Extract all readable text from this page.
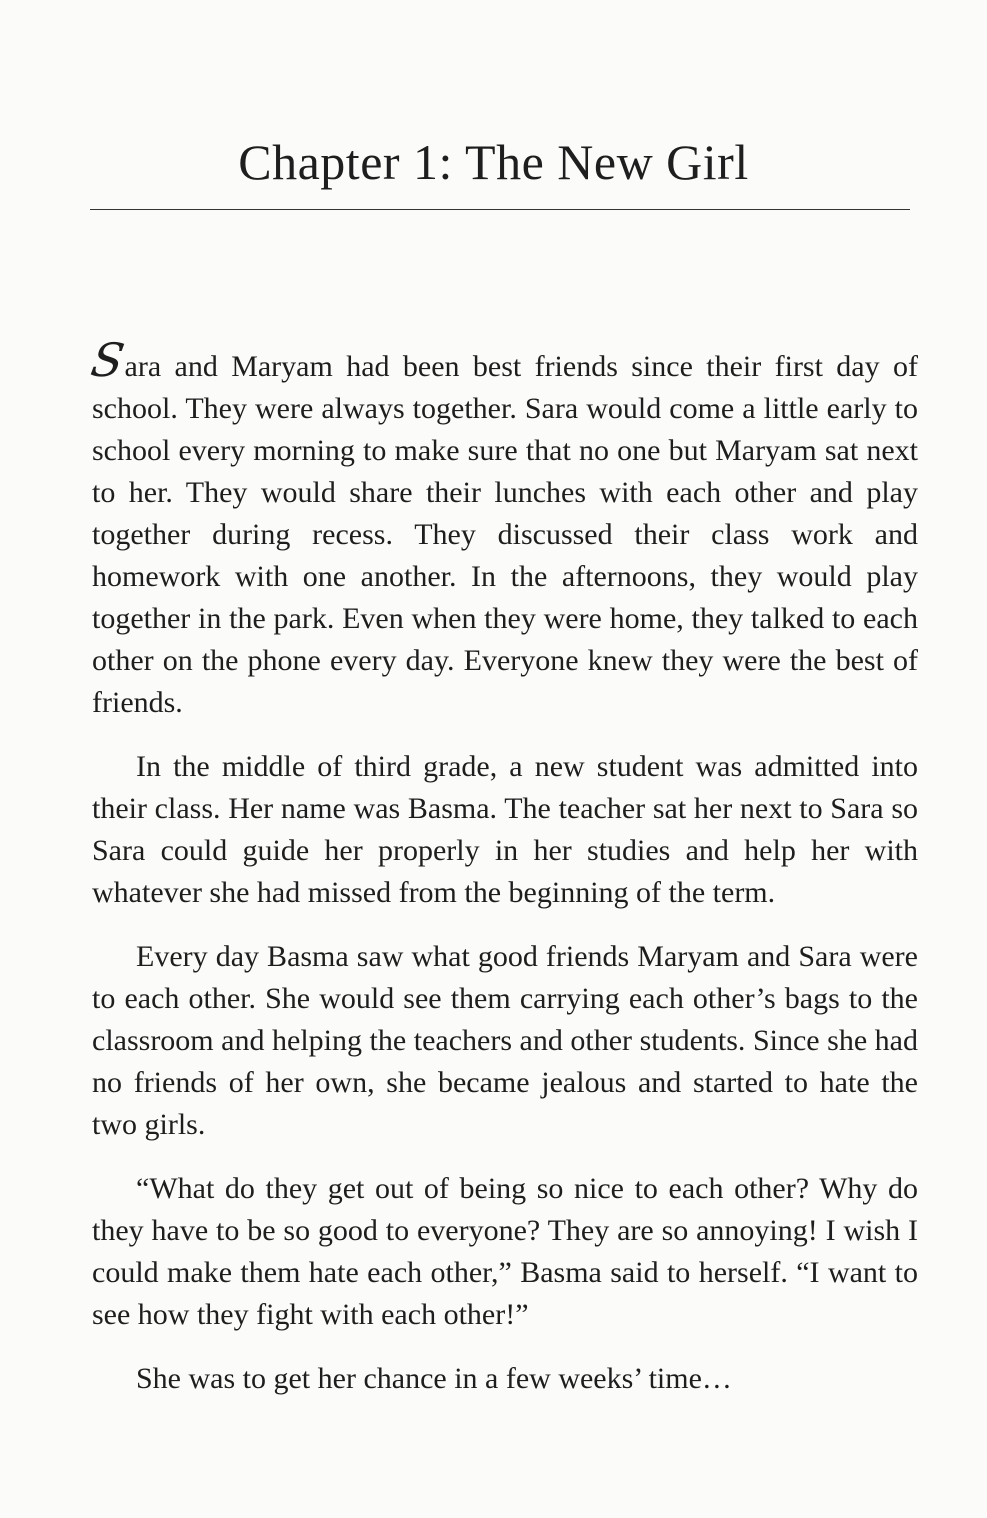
Chapter 1: The New Girl

Sara and Maryam had been best friends since their first day of school. They were always together. Sara would come a little early to school every morning to make sure that no one but Maryam sat next to her. They would share their lunches with each other and play together during recess. They discussed their class work and homework with one another. In the afternoons, they would play together in the park. Even when they were home, they talked to each other on the phone every day. Everyone knew they were the best of friends.

In the middle of third grade, a new student was admitted into their class. Her name was Basma. The teacher sat her next to Sara so Sara could guide her properly in her studies and help her with whatever she had missed from the beginning of the term.

Every day Basma saw what good friends Maryam and Sara were to each other. She would see them carrying each other’s bags to the classroom and helping the teachers and other students. Since she had no friends of her own, she became jealous and started to hate the two girls.

“What do they get out of being so nice to each other? Why do they have to be so good to everyone? They are so annoying! I wish I could make them hate each other,” Basma said to herself. “I want to see how they fight with each other!”

She was to get her chance in a few weeks’ time…
